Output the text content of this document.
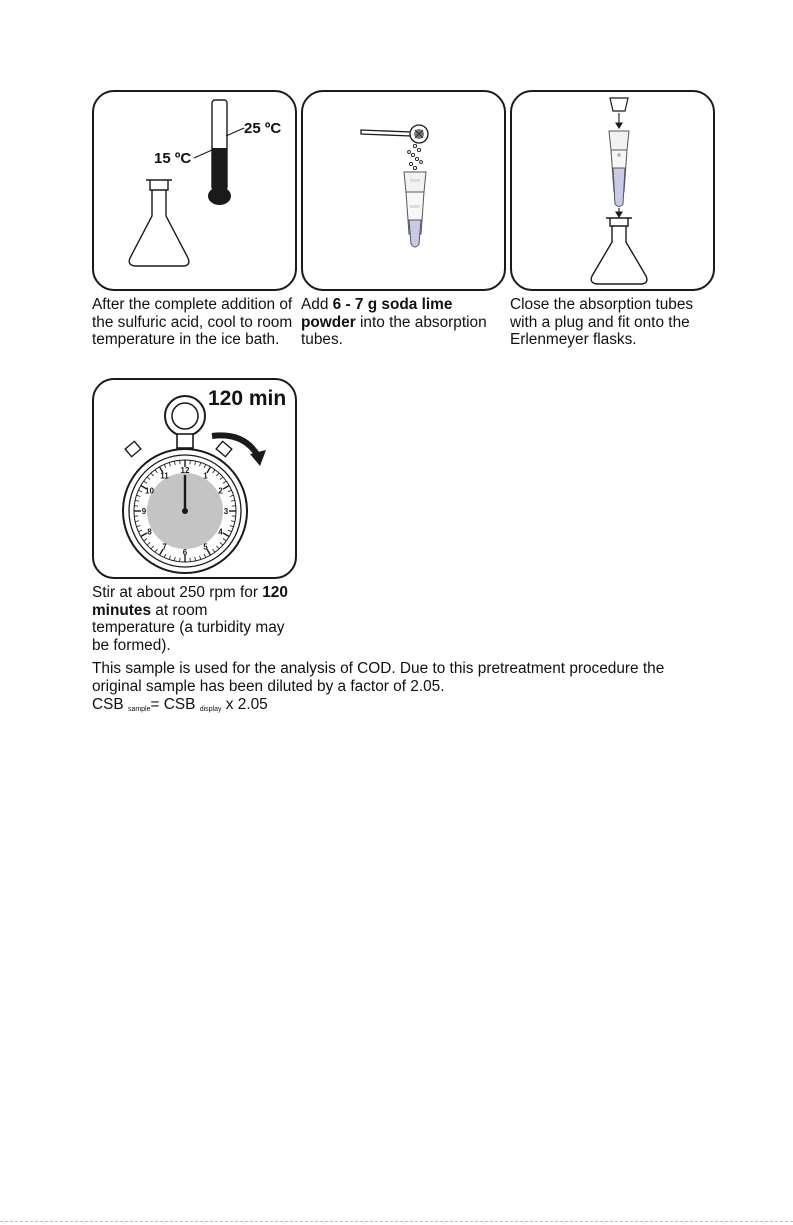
25 ºC
15 ºC

After the complete addition of the sulfuric acid, cool to room temperature in the ice bath.

Add 6 - 7 g soda lime powder into the absorption tubes.

Close the absorption tubes with a plug and fit onto the Erlenmeyer flasks.

12
1
2
3
4
5
6
7
8
9
10
11
120 min

Stir at about 250 rpm for 120 minutes at room temperature (a turbidity may be formed).

This sample is used for the analysis of COD. Due to this pretreatment procedure the original sample has been diluted by a factor of 2.05.

CSB $_{sample}$= CSB $_{display}$ x 2.05
